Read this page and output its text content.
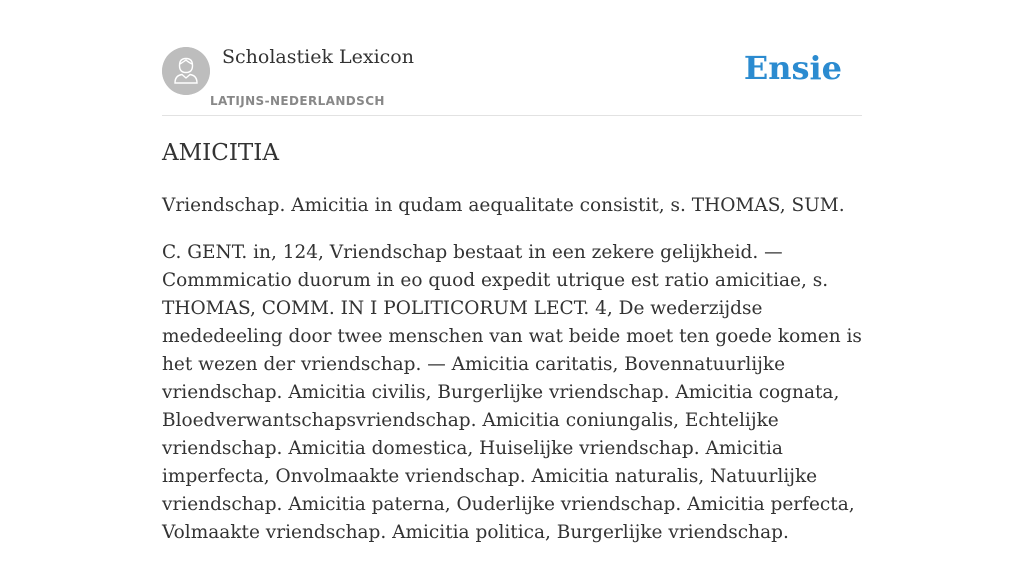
Scholastiek Lexicon
LATIJNS-NEDERLANDSCH
Ensie
AMICITIA

Vriendschap. Amicitia in qudam aequalitate consistit, s. THOMAS, SUM.

C. GENT. in, 124, Vriendschap bestaat in een zekere gelijkheid. — Commmicatio duorum in eo quod expedit utrique est ratio amicitiae, s. THOMAS, COMM. IN I POLITICORUM LECT. 4, De wederzijdse mededeeling door twee menschen van wat beide moet ten goede komen is het wezen der vriendschap. — Amicitia caritatis, Bovennatuurlijke vriendschap. Amicitia civilis, Burgerlijke vriendschap. Amicitia cognata, Bloedverwantschapsvriendschap. Amicitia coniungalis, Echtelijke vriendschap. Amicitia domestica, Huiselijke vriendschap. Amicitia imperfecta, Onvolmaakte vriendschap. Amicitia naturalis, Natuurlijke vriendschap. Amicitia paterna, Ouderlijke vriendschap. Amicitia perfecta, Volmaakte vriendschap. Amicitia politica, Burgerlijke vriendschap.
